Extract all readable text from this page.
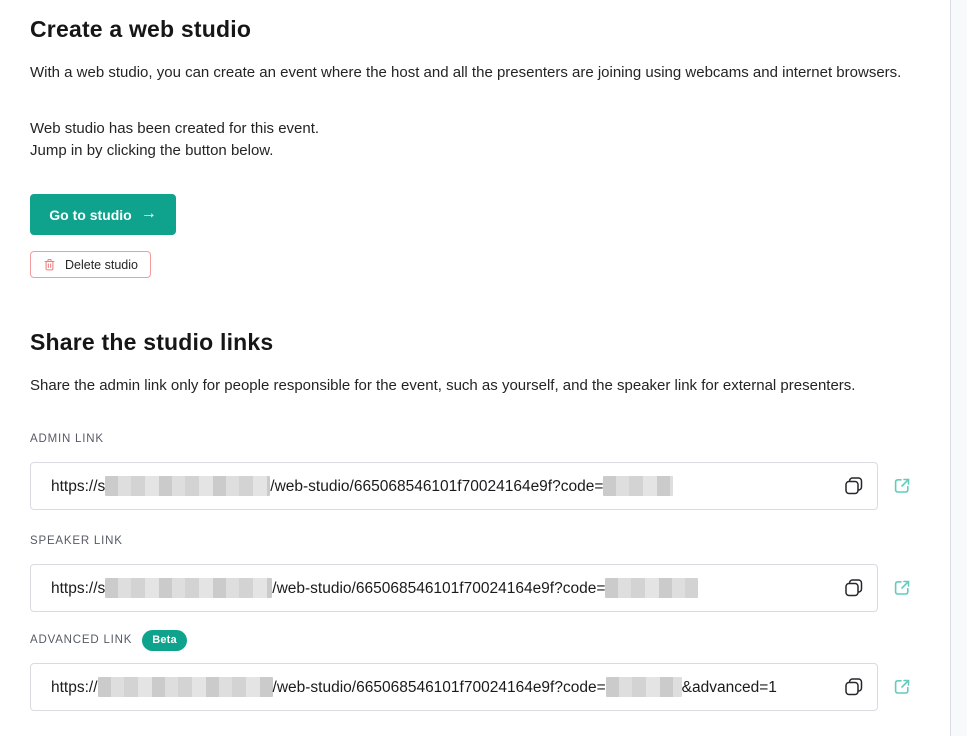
Create a web studio

With a web studio, you can create an event where the host and all the presenters are joining using webcams and internet browsers.

Web studio has been created for this event.
Jump in by clicking the button below.

Go to studio →
Delete studio
Share the studio links

Share the admin link only for people responsible for the event, such as yourself, and the speaker link for external presenters.

ADMIN LINK
https://s	/web-studio/665068546101f70024164e9f?code=
SPEAKER LINK
https://s	/web-studio/665068546101f70024164e9f?code=
ADVANCED LINK	Beta
https://	/web-studio/665068546101f70024164e9f?code=	&advanced=1
